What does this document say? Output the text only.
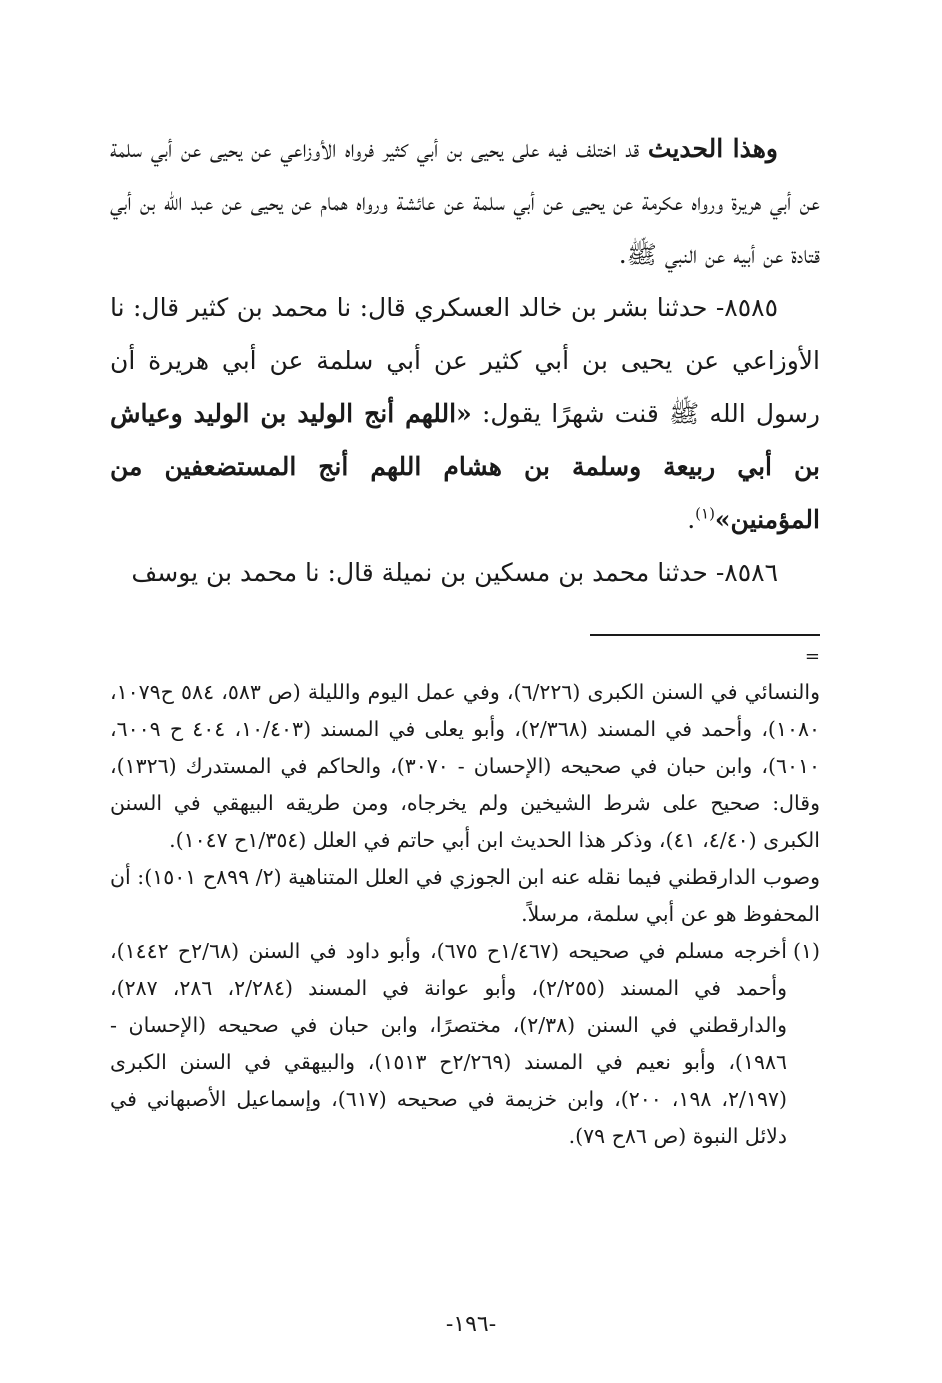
وهذا الحديث قد اختلف فيه على يحيى بن أبي كثير فرواه الأوزاعي عن يحيى عن أبي سلمة عن أبي هريرة ورواه عكرمة عن يحيى عن أبي سلمة عن عائشة ورواه همام عن يحيى عن عبد الله بن أبي قتادة عن أبيه عن النبي ﷺ.

٨٥٨٥- حدثنا بشر بن خالد العسكري قال: نا محمد بن كثير قال: نا الأوزاعي عن يحيى بن أبي كثير عن أبي سلمة عن أبي هريرة أن رسول الله ﷺ قنت شهرًا يقول: «اللهم أنج الوليد بن الوليد وعياش بن أبي ربيعة وسلمة بن هشام اللهم أنج المستضعفين من المؤمنين»$^{(١)}$.

٨٥٨٦- حدثنا محمد بن مسكين بن نميلة قال: نا محمد بن يوسف

=

والنسائي في السنن الكبرى (٦/٢٢٦)، وفي عمل اليوم والليلة (ص ٥٨٣، ٥٨٤ ح١٠٧٩، ١٠٨٠)، وأحمد في المسند (٢/٣٦٨)، وأبو يعلى في المسند (١٠/٤٠٣، ٤٠٤ ح ٦٠٠٩، ٦٠١٠)، وابن حبان في صحيحه (الإحسان - ٣٠٧٠)، والحاكم في المستدرك (١٣٢٦)، وقال: صحيح على شرط الشيخين ولم يخرجاه، ومن طريقه البيهقي في السنن الكبرى (٤/٤٠، ٤١)، وذكر هذا الحديث ابن أبي حاتم في العلل (١/٣٥٤ح ١٠٤٧).

وصوب الدارقطني فيما نقله عنه ابن الجوزي في العلل المتناهية (٢/ ٨٩٩ح ١٥٠١): أن المحفوظ هو عن أبي سلمة، مرسلاً.

(١)
أخرجه مسلم في صحيحه (١/٤٦٧ح ٦٧٥)، وأبو داود في السنن (٢/٦٨ح ١٤٤٢)، وأحمد في المسند (٢/٢٥٥)، وأبو عوانة في المسند (٢/٢٨٤، ٢٨٦، ٢٨٧)، والدارقطني في السنن (٢/٣٨)، مختصرًا، وابن حبان في صحيحه (الإحسان - ١٩٨٦)، وأبو نعيم في المسند (٢/٢٦٩ح ١٥١٣)، والبيهقي في السنن الكبرى (٢/١٩٧، ١٩٨، ٢٠٠)، وابن خزيمة في صحيحه (٦١٧)، وإسماعيل الأصبهاني في دلائل النبوة (ص ٨٦ح ٧٩).
-١٩٦-
